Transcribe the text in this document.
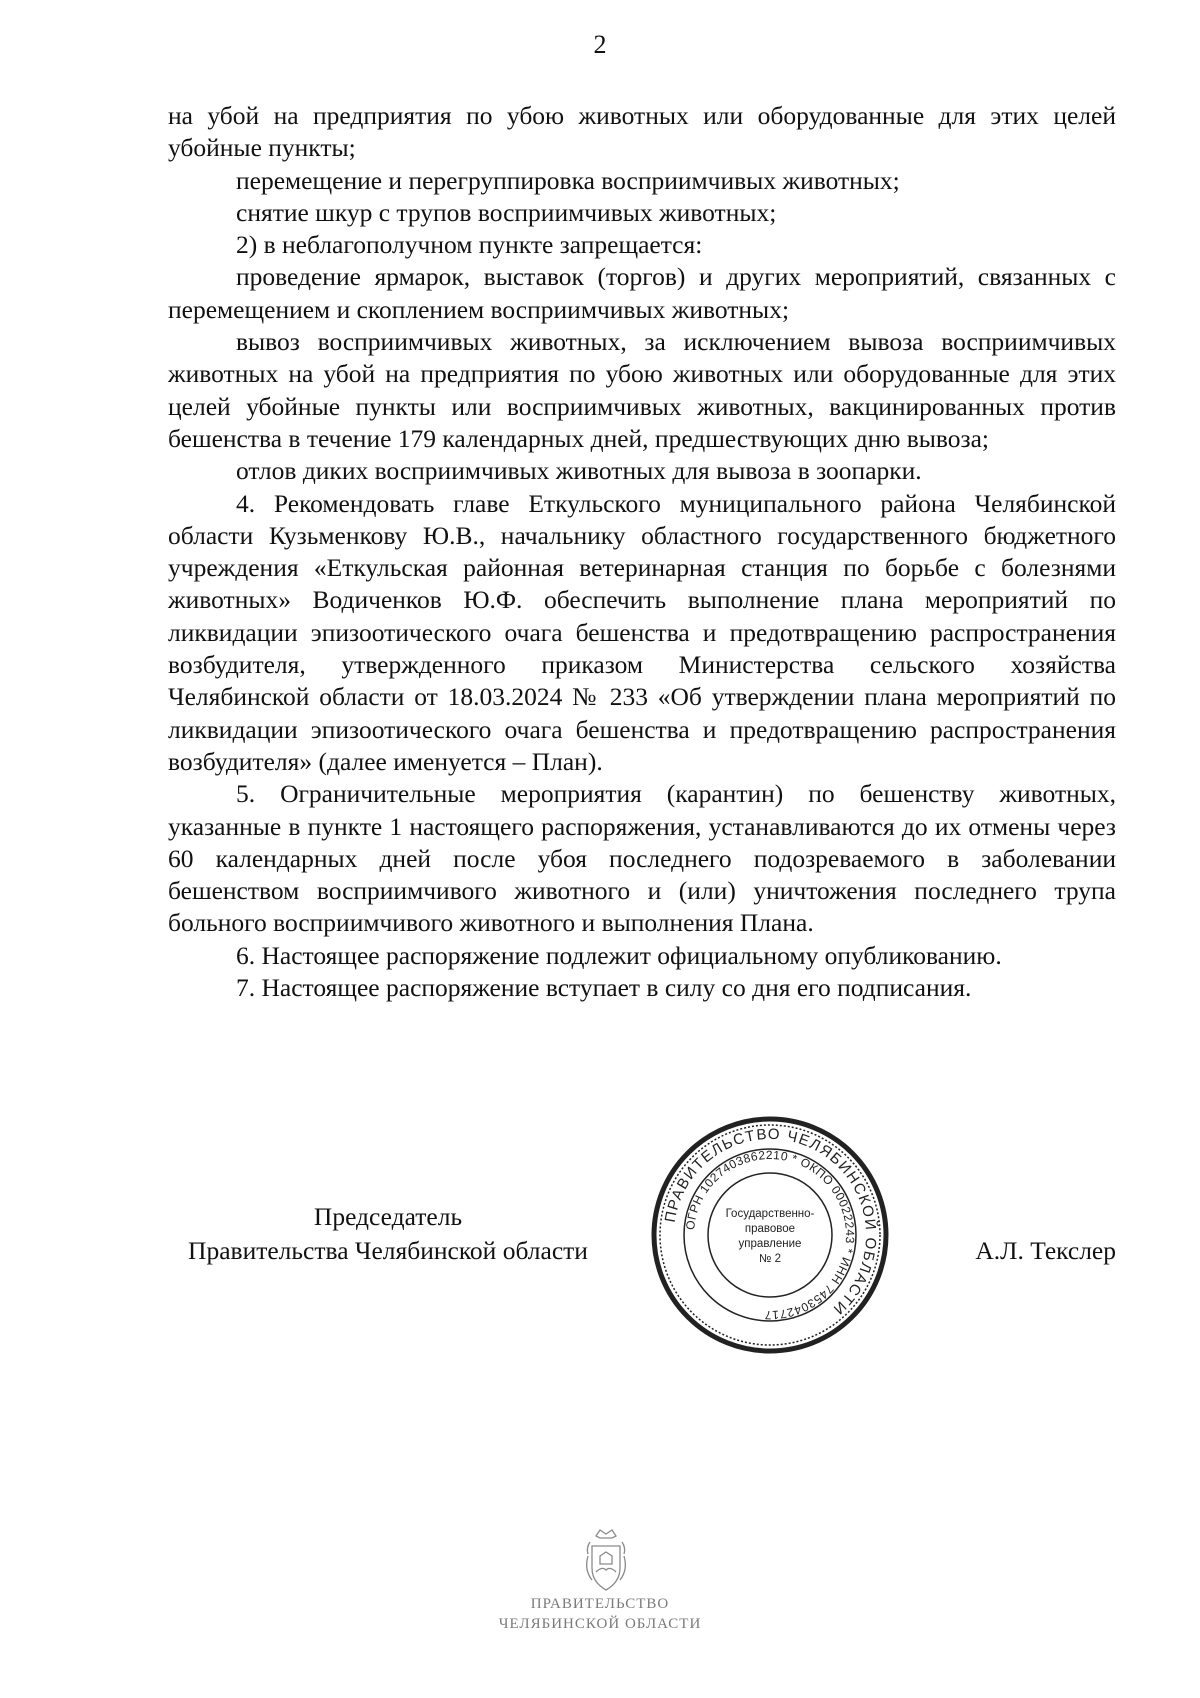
2

на убой на предприятия по убою животных или оборудованные для этих целей убойные пункты;

перемещение и перегруппировка восприимчивых животных;

снятие шкур с трупов восприимчивых животных;

2) в неблагополучном пункте запрещается:

проведение ярмарок, выставок (торгов) и других мероприятий, связанных с перемещением и скоплением восприимчивых животных;

вывоз восприимчивых животных, за исключением вывоза восприимчивых животных на убой на предприятия по убою животных или оборудованные для этих целей убойные пункты или восприимчивых животных, вакцинированных против бешенства в течение 179 календарных дней, предшествующих дню вывоза;

отлов диких восприимчивых животных для вывоза в зоопарки.

4. Рекомендовать главе Еткульского муниципального района Челябинской области Кузьменкову Ю.В., начальнику областного государственного бюджетного учреждения «Еткульская районная ветеринарная станция по борьбе с болезнями животных» Водиченков Ю.Ф. обеспечить выполнение плана мероприятий по ликвидации эпизоотического очага бешенства и предотвращению распространения возбудителя, утвержденного приказом Министерства сельского хозяйства Челябинской области от 18.03.2024 № 233 «Об утверждении плана мероприятий по ликвидации эпизоотического очага бешенства и предотвращению распространения возбудителя» (далее именуется – План).

5. Ограничительные мероприятия (карантин) по бешенству животных, указанные в пункте 1 настоящего распоряжения, устанавливаются до их отмены через 60 календарных дней после убоя последнего подозреваемого в заболевании бешенством восприимчивого животного и (или) уничтожения последнего трупа больного восприимчивого животного и выполнения Плана.

6. Настоящее распоряжение подлежит официальному опубликованию.

7. Настоящее распоряжение вступает в силу со дня его подписания.

Председатель
Правительства Челябинской области
ПРАВИТЕЛЬСТВО ЧЕЛЯБИНСКОЙ ОБЛАСТИ
ОГРН 1027403862210 * ОКПО 00022243 * ИНН 7453042717
Государственно-
правовое
управление
№ 2	А.Л. Текслер
ПРАВИТЕЛЬСТВО
ЧЕЛЯБИНСКОЙ ОБЛАСТИ
